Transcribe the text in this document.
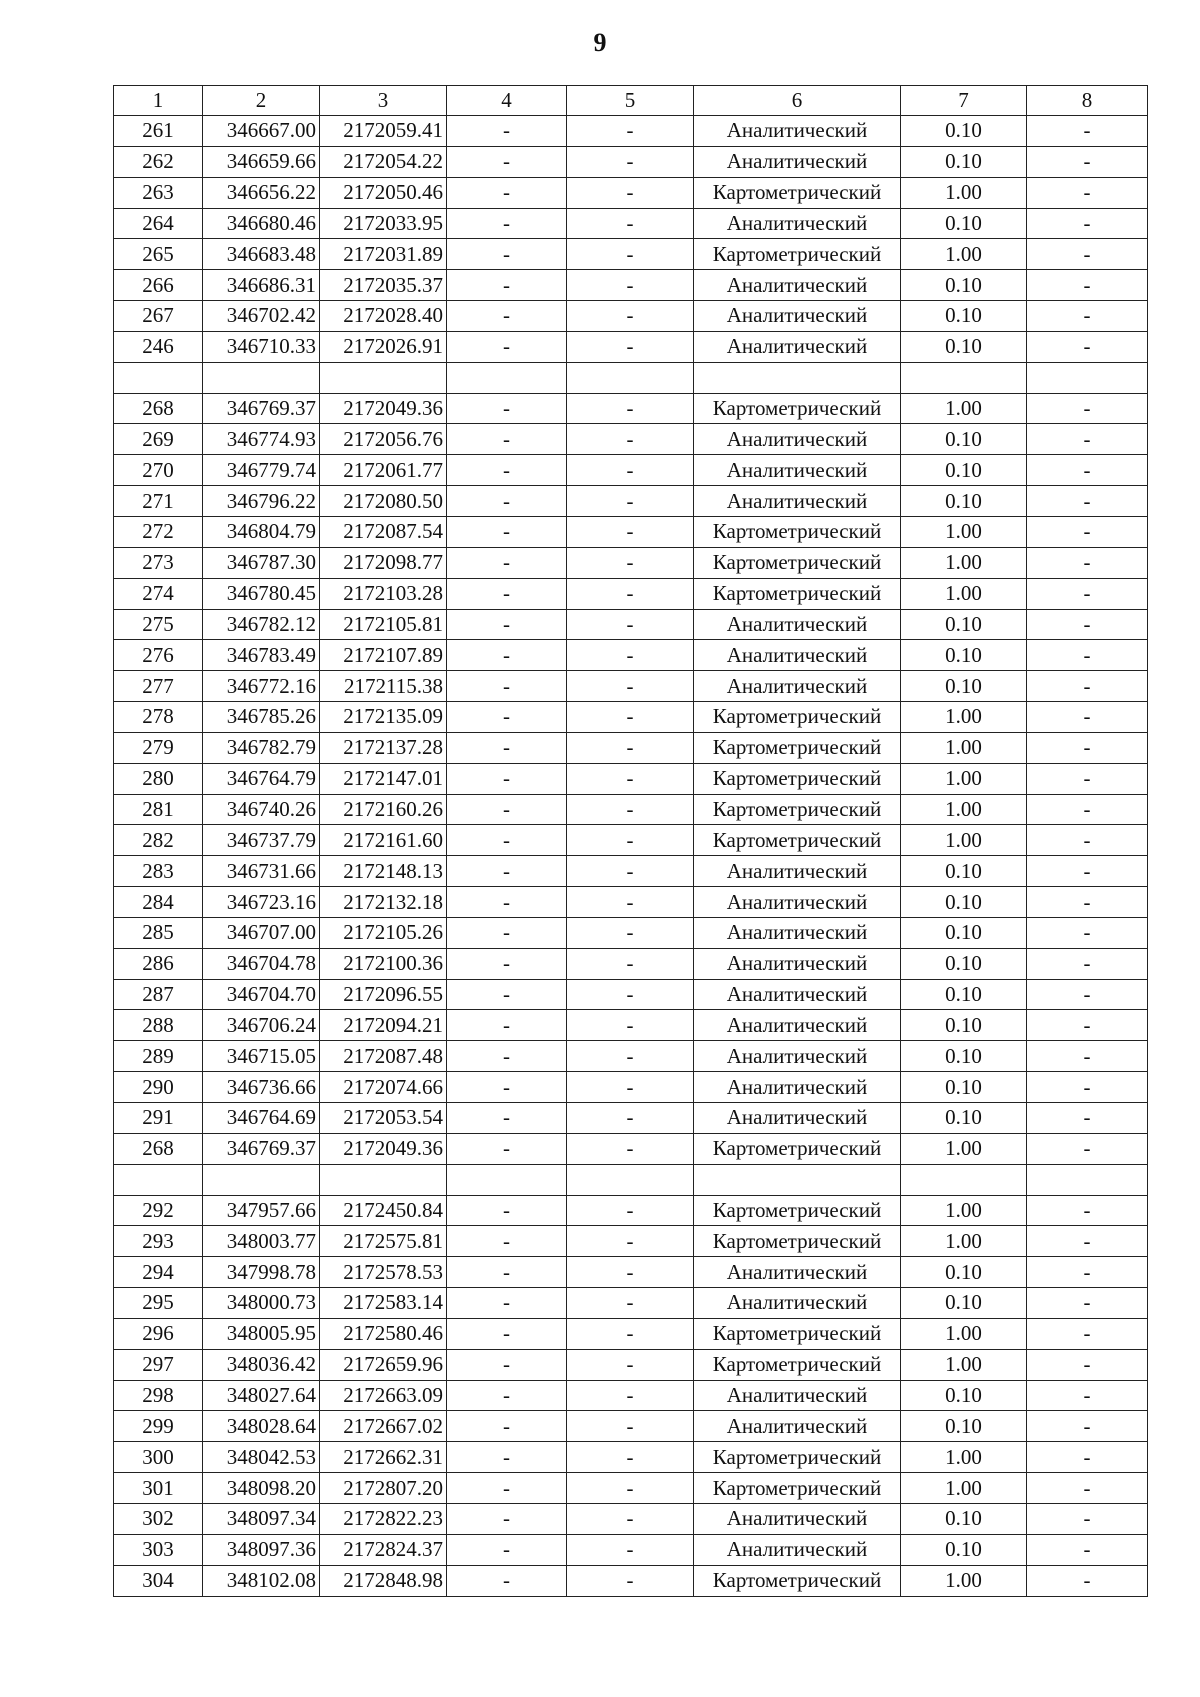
9
1	2	3	4	5	6	7	8
261	346667.00	2172059.41	-	-	Аналитический	0.10	-
262	346659.66	2172054.22	-	-	Аналитический	0.10	-
263	346656.22	2172050.46	-	-	Картометрический	1.00	-
264	346680.46	2172033.95	-	-	Аналитический	0.10	-
265	346683.48	2172031.89	-	-	Картометрический	1.00	-
266	346686.31	2172035.37	-	-	Аналитический	0.10	-
267	346702.42	2172028.40	-	-	Аналитический	0.10	-
246	346710.33	2172026.91	-	-	Аналитический	0.10	-

268	346769.37	2172049.36	-	-	Картометрический	1.00	-
269	346774.93	2172056.76	-	-	Аналитический	0.10	-
270	346779.74	2172061.77	-	-	Аналитический	0.10	-
271	346796.22	2172080.50	-	-	Аналитический	0.10	-
272	346804.79	2172087.54	-	-	Картометрический	1.00	-
273	346787.30	2172098.77	-	-	Картометрический	1.00	-
274	346780.45	2172103.28	-	-	Картометрический	1.00	-
275	346782.12	2172105.81	-	-	Аналитический	0.10	-
276	346783.49	2172107.89	-	-	Аналитический	0.10	-
277	346772.16	2172115.38	-	-	Аналитический	0.10	-
278	346785.26	2172135.09	-	-	Картометрический	1.00	-
279	346782.79	2172137.28	-	-	Картометрический	1.00	-
280	346764.79	2172147.01	-	-	Картометрический	1.00	-
281	346740.26	2172160.26	-	-	Картометрический	1.00	-
282	346737.79	2172161.60	-	-	Картометрический	1.00	-
283	346731.66	2172148.13	-	-	Аналитический	0.10	-
284	346723.16	2172132.18	-	-	Аналитический	0.10	-
285	346707.00	2172105.26	-	-	Аналитический	0.10	-
286	346704.78	2172100.36	-	-	Аналитический	0.10	-
287	346704.70	2172096.55	-	-	Аналитический	0.10	-
288	346706.24	2172094.21	-	-	Аналитический	0.10	-
289	346715.05	2172087.48	-	-	Аналитический	0.10	-
290	346736.66	2172074.66	-	-	Аналитический	0.10	-
291	346764.69	2172053.54	-	-	Аналитический	0.10	-
268	346769.37	2172049.36	-	-	Картометрический	1.00	-

292	347957.66	2172450.84	-	-	Картометрический	1.00	-
293	348003.77	2172575.81	-	-	Картометрический	1.00	-
294	347998.78	2172578.53	-	-	Аналитический	0.10	-
295	348000.73	2172583.14	-	-	Аналитический	0.10	-
296	348005.95	2172580.46	-	-	Картометрический	1.00	-
297	348036.42	2172659.96	-	-	Картометрический	1.00	-
298	348027.64	2172663.09	-	-	Аналитический	0.10	-
299	348028.64	2172667.02	-	-	Аналитический	0.10	-
300	348042.53	2172662.31	-	-	Картометрический	1.00	-
301	348098.20	2172807.20	-	-	Картометрический	1.00	-
302	348097.34	2172822.23	-	-	Аналитический	0.10	-
303	348097.36	2172824.37	-	-	Аналитический	0.10	-
304	348102.08	2172848.98	-	-	Картометрический	1.00	-
